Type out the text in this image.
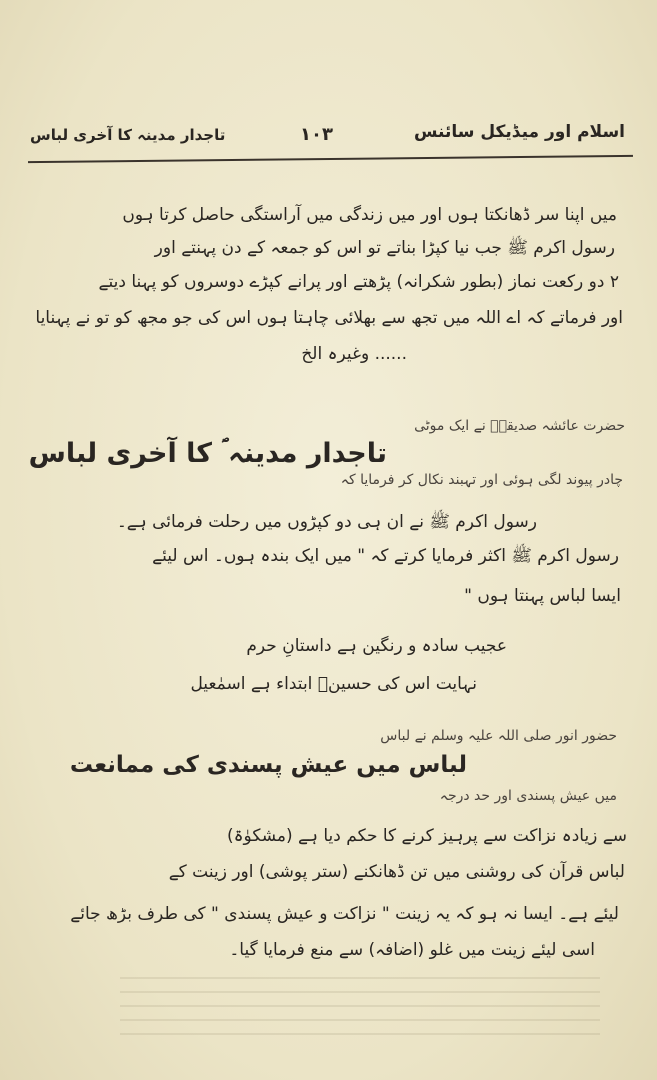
اسلام اور میڈیکل سائنس
۱۰۳
تاجدار مدینہ کا آخری لباس
میں اپنا سر ڈھانکتا ہوں اور میں زندگی میں آراستگی حاصل کرتا ہوں
رسول اکرم ﷺ جب نیا کپڑا بناتے تو اس کو جمعہ کے دن پہنتے اور
۲ دو رکعت نماز (بطور شکرانہ) پڑھتے اور پرانے کپڑے دوسروں کو پہنا دیتے
اور فرماتے کہ اے اللہ میں تجھ سے بھلائی چاہتا ہوں اس کی جو مجھ کو تو نے پہنایا
...... وغیرہ الخ
حضرت عائشہ صدیقہؓ نے ایک موٹی
تاجدار مدینہ ؐ کا آخری لباس
چادر پیوند لگی ہوئی اور تہبند نکال کر فرمایا کہ
رسول اکرم ﷺ نے ان ہی دو کپڑوں میں رحلت فرمائی ہے۔
رسول اکرم ﷺ اکثر فرمایا کرتے کہ " میں ایک بندہ ہوں۔ اس لیئے
ایسا لباس پہنتا ہوں "
عجیب سادہ و رنگین ہے داستانِ حرم
نہایت اس کی حسینؓ ابتداء ہے اسمٰعیل
حضور انور صلی اللہ علیہ وسلم نے لباس
لباس میں عیش پسندی کی ممانعت
میں عیش پسندی اور حد درجہ
سے زیادہ نزاکت سے پرہیز کرنے کا حکم دیا ہے (مشکوٰۃ)
لباس قرآن کی روشنی میں تن ڈھانکنے (ستر پوشی) اور زینت کے
لیئے ہے۔ ایسا نہ ہو کہ یہ زینت " نزاکت و عیش پسندی " کی طرف بڑھ جائے
اسی لیئے زینت میں غلو (اضافہ) سے منع فرمایا گیا۔
